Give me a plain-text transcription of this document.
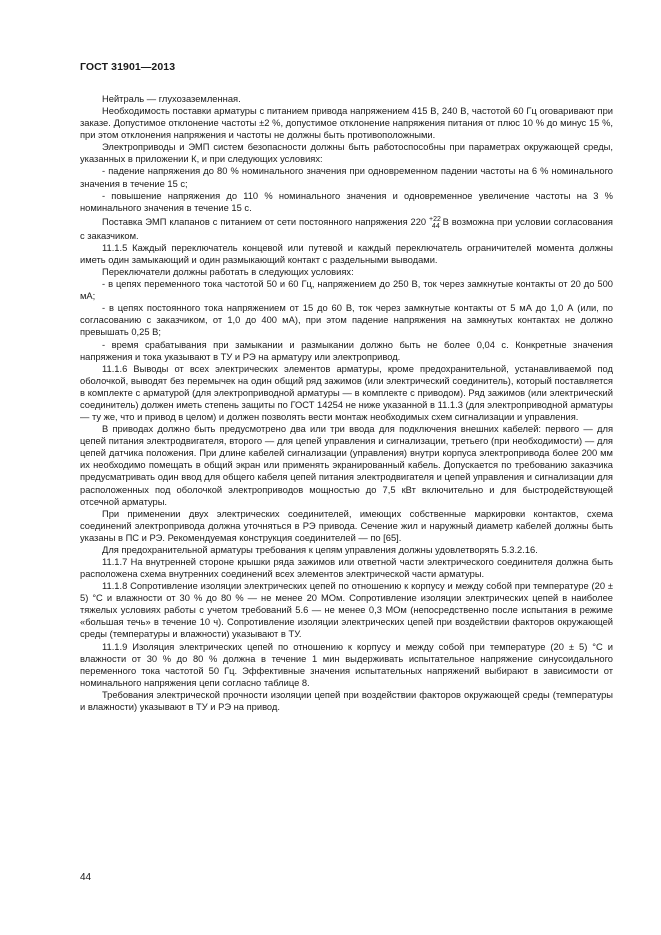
ГОСТ 31901—2013

Нейтраль — глухозаземленная.

Необходимость поставки арматуры с питанием привода напряжением 415 В, 240 В, частотой 60 Гц оговаривают при заказе. Допустимое отклонение частоты ±2 %, допустимое отклонение напряжения питания от плюс 10 % до минус 15 %, при этом отклонения напряжения и частоты не должны быть противоположными.

Электроприводы и ЭМП систем безопасности должны быть работоспособны при параметрах окружающей среды, указанных в приложении К, и при следующих условиях:

- падение напряжения до 80 % номинального значения при одновременном падении частоты на 6 % номинального значения в течение 15 с;

- повышение напряжения до 110 % номинального значения и одновременное увеличение частоты на 3 % номинального значения в течение 15 с.

Поставка ЭМП клапанов с питанием от сети постоянного напряжения 220 $^{+22}_{44}$ В возможна при условии согласования с заказчиком.

11.1.5 Каждый переключатель концевой или путевой и каждый переключатель ограничителей момента должны иметь один замыкающий и один размыкающий контакт с раздельными выводами.

Переключатели должны работать в следующих условиях:

- в цепях переменного тока частотой 50 и 60 Гц, напряжением до 250 В, ток через замкнутые контакты от 20 до 500 мА;

- в цепях постоянного тока напряжением от 15 до 60 В, ток через замкнутые контакты от 5 мА до 1,0 А (или, по согласованию с заказчиком, от 1,0 до 400 мА), при этом падение напряжения на замкнутых контактах не должно превышать 0,25 В;

- время срабатывания при замыкании и размыкании должно быть не более 0,04 с. Конкретные значения напряжения и тока указывают в ТУ и РЭ на арматуру или электропривод.

11.1.6 Выводы от всех электрических элементов арматуры, кроме предохранительной, устанавливаемой под оболочкой, выводят без перемычек на один общий ряд зажимов (или электрический соединитель), который поставляется в комплекте с арматурой (для электроприводной арматуры — в комплекте с приводом). Ряд зажимов (или электрический соединитель) должен иметь степень защиты по ГОСТ 14254 не ниже указанной в 11.1.3 (для электроприводной арматуры — ту же, что и привод в целом) и должен позволять вести монтаж необходимых схем сигнализации и управления.

В приводах должно быть предусмотрено два или три ввода для подключения внешних кабелей: первого — для цепей питания электродвигателя, второго — для цепей управления и сигнализации, третьего (при необходимости) — для цепей датчика положения. При длине кабелей сигнализации (управления) внутри корпуса электропривода более 200 мм их необходимо помещать в общий экран или применять экранированный кабель. Допускается по требованию заказчика предусматривать один ввод для общего кабеля цепей питания электродвигателя и цепей управления и сигнализации для расположенных под оболочкой электроприводов мощностью до 7,5 кВт включительно и для быстродействующей отсечной арматуры.

При применении двух электрических соединителей, имеющих собственные маркировки контактов, схема соединений электропривода должна уточняться в РЭ привода. Сечение жил и наружный диаметр кабелей должны быть указаны в ПС и РЭ. Рекомендуемая конструкция соединителей — по [65].

Для предохранительной арматуры требования к цепям управления должны удовлетворять 5.3.2.16.

11.1.7 На внутренней стороне крышки ряда зажимов или ответной части электрического соединителя должна быть расположена схема внутренних соединений всех элементов электрической части арматуры.

11.1.8 Сопротивление изоляции электрических цепей по отношению к корпусу и между собой при температуре (20 ± 5) °С и влажности от 30 % до 80 % — не менее 20 МОм. Сопротивление изоляции электрических цепей в наиболее тяжелых условиях работы с учетом требований 5.6 — не менее 0,3 МОм (непосредственно после испытания в режиме «большая течь» в течение 10 ч). Сопротивление изоляции электрических цепей при воздействии факторов окружающей среды (температуры и влажности) указывают в ТУ.

11.1.9 Изоляция электрических цепей по отношению к корпусу и между собой при температуре (20 ± 5) °С и влажности от 30 % до 80 % должна в течение 1 мин выдерживать испытательное напряжение синусоидального переменного тока частотой 50 Гц. Эффективные значения испытательных напряжений выбирают в зависимости от номинального напряжения цепи согласно таблице 8.

Требования электрической прочности изоляции цепей при воздействии факторов окружающей среды (температуры и влажности) указывают в ТУ и РЭ на привод.

44
